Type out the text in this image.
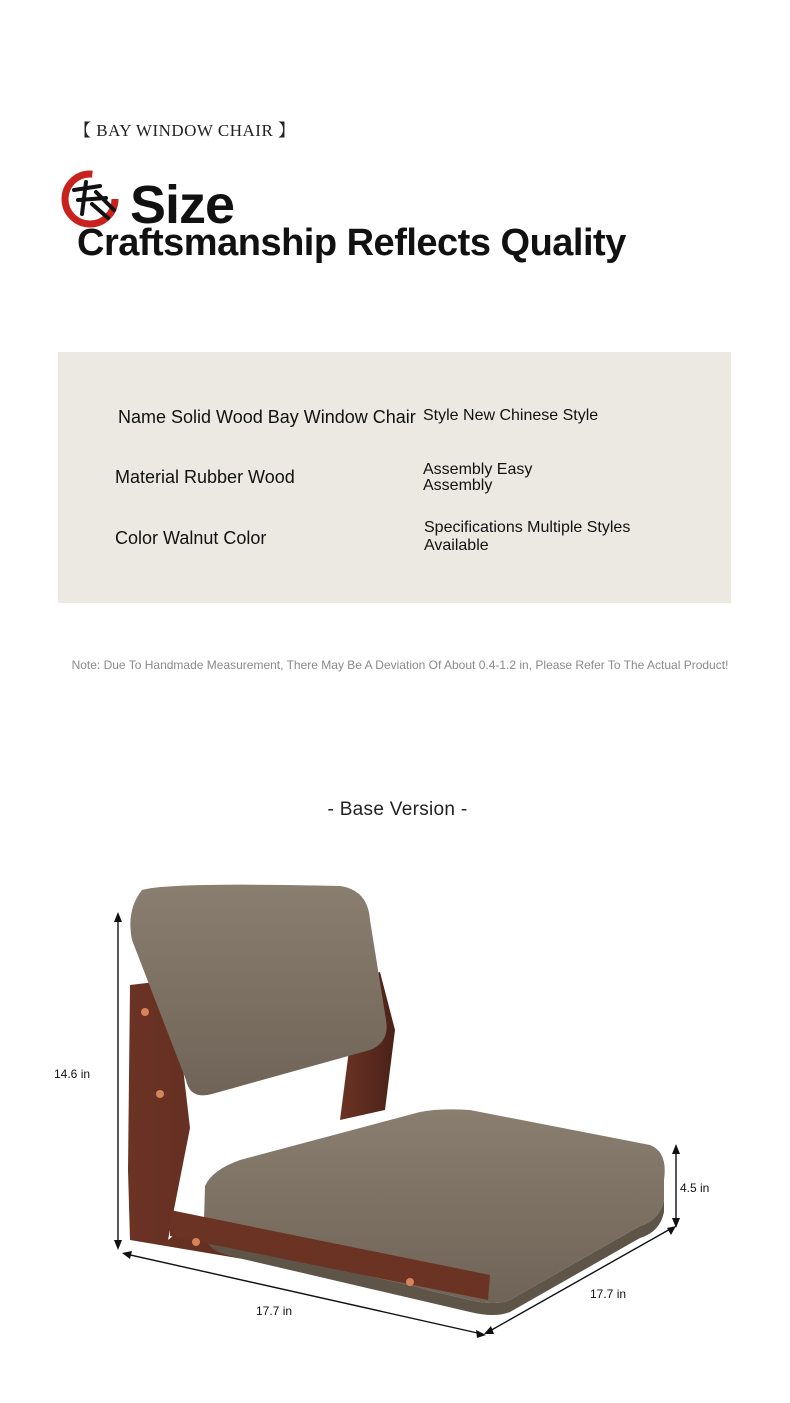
【 BAY WINDOW CHAIR 】
Size
Craftsmanship Reflects Quality
Name Solid Wood Bay Window Chair Style New Chinese Style
Material Rubber Wood	Assembly Easy
Assembly
Color Walnut Color
Specifications Multiple Styles
Available
Note: Due To Handmade Measurement, There May Be A Deviation Of About 0.4-1.2 in, Please Refer To The Actual Product!
- Base Version -
14.6 in
4.5 in
17.7 in
17.7 in
